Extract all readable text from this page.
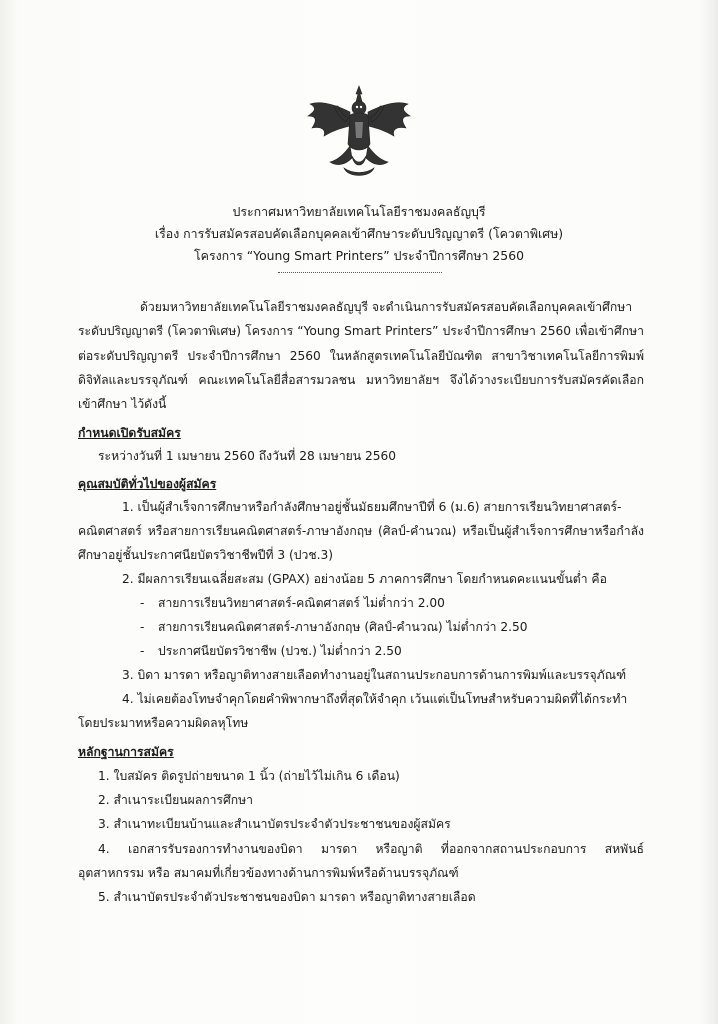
ประกาศมหาวิทยาลัยเทคโนโลยีราชมงคลธัญบุรี
เรื่อง การรับสมัครสอบคัดเลือกบุคคลเข้าศึกษาระดับปริญญาตรี (โควตาพิเศษ)
โครงการ “Young Smart Printers” ประจำปีการศึกษา 2560
ด้วยมหาวิทยาลัยเทคโนโลยีราชมงคลธัญบุรี จะดำเนินการรับสมัครสอบคัดเลือกบุคคลเข้าศึกษา
ระดับปริญญาตรี (โควตาพิเศษ) โครงการ “Young Smart Printers” ประจำปีการศึกษา 2560 เพื่อเข้าศึกษา
ต่อระดับปริญญาตรี ประจำปีการศึกษา 2560 ในหลักสูตรเทคโนโลยีบัณฑิต สาขาวิชาเทคโนโลยีการพิมพ์
ดิจิทัลและบรรจุภัณฑ์ คณะเทคโนโลยีสื่อสารมวลชน มหาวิทยาลัยฯ จึงได้วางระเบียบการรับสมัครคัดเลือก
เข้าศึกษา ไว้ดังนี้
กำหนดเปิดรับสมัคร
ระหว่างวันที่ 1 เมษายน 2560 ถึงวันที่ 28 เมษายน 2560
คุณสมบัติทั่วไปของผู้สมัคร
1. เป็นผู้สำเร็จการศึกษาหรือกำลังศึกษาอยู่ชั้นมัธยมศึกษาปีที่ 6 (ม.6) สายการเรียนวิทยาศาสตร์-
คณิตศาสตร์ หรือสายการเรียนคณิตศาสตร์-ภาษาอังกฤษ (ศิลป์-คำนวณ) หรือเป็นผู้สำเร็จการศึกษาหรือกำลัง
ศึกษาอยู่ชั้นประกาศนียบัตรวิชาชีพปีที่ 3 (ปวช.3)
2. มีผลการเรียนเฉลี่ยสะสม (GPAX) อย่างน้อย 5 ภาคการศึกษา โดยกำหนดคะแนนขั้นต่ำ คือ
- สายการเรียนวิทยาศาสตร์-คณิตศาสตร์ ไม่ต่ำกว่า 2.00
- สายการเรียนคณิตศาสตร์-ภาษาอังกฤษ (ศิลป์-คำนวณ) ไม่ต่ำกว่า 2.50
- ประกาศนียบัตรวิชาชีพ (ปวช.) ไม่ต่ำกว่า 2.50
3. บิดา มารดา หรือญาติทางสายเลือดทำงานอยู่ในสถานประกอบการด้านการพิมพ์และบรรจุภัณฑ์
4. ไม่เคยต้องโทษจำคุกโดยคำพิพากษาถึงที่สุดให้จำคุก เว้นแต่เป็นโทษสำหรับความผิดที่ได้กระทำ
โดยประมาทหรือความผิดลหุโทษ
หลักฐานการสมัคร
1. ใบสมัคร ติดรูปถ่ายขนาด 1 นิ้ว (ถ่ายไว้ไม่เกิน 6 เดือน)
2. สำเนาระเบียนผลการศึกษา
3. สำเนาทะเบียนบ้านและสำเนาบัตรประจำตัวประชาชนของผู้สมัคร
4. เอกสารรับรองการทำงานของบิดา มารดา หรือญาติ ที่ออกจากสถานประกอบการ สหพันธ์
อุตสาหกรรม หรือ สมาคมที่เกี่ยวข้องทางด้านการพิมพ์หรือด้านบรรจุภัณฑ์
5. สำเนาบัตรประจำตัวประชาชนของบิดา มารดา หรือญาติทางสายเลือด
